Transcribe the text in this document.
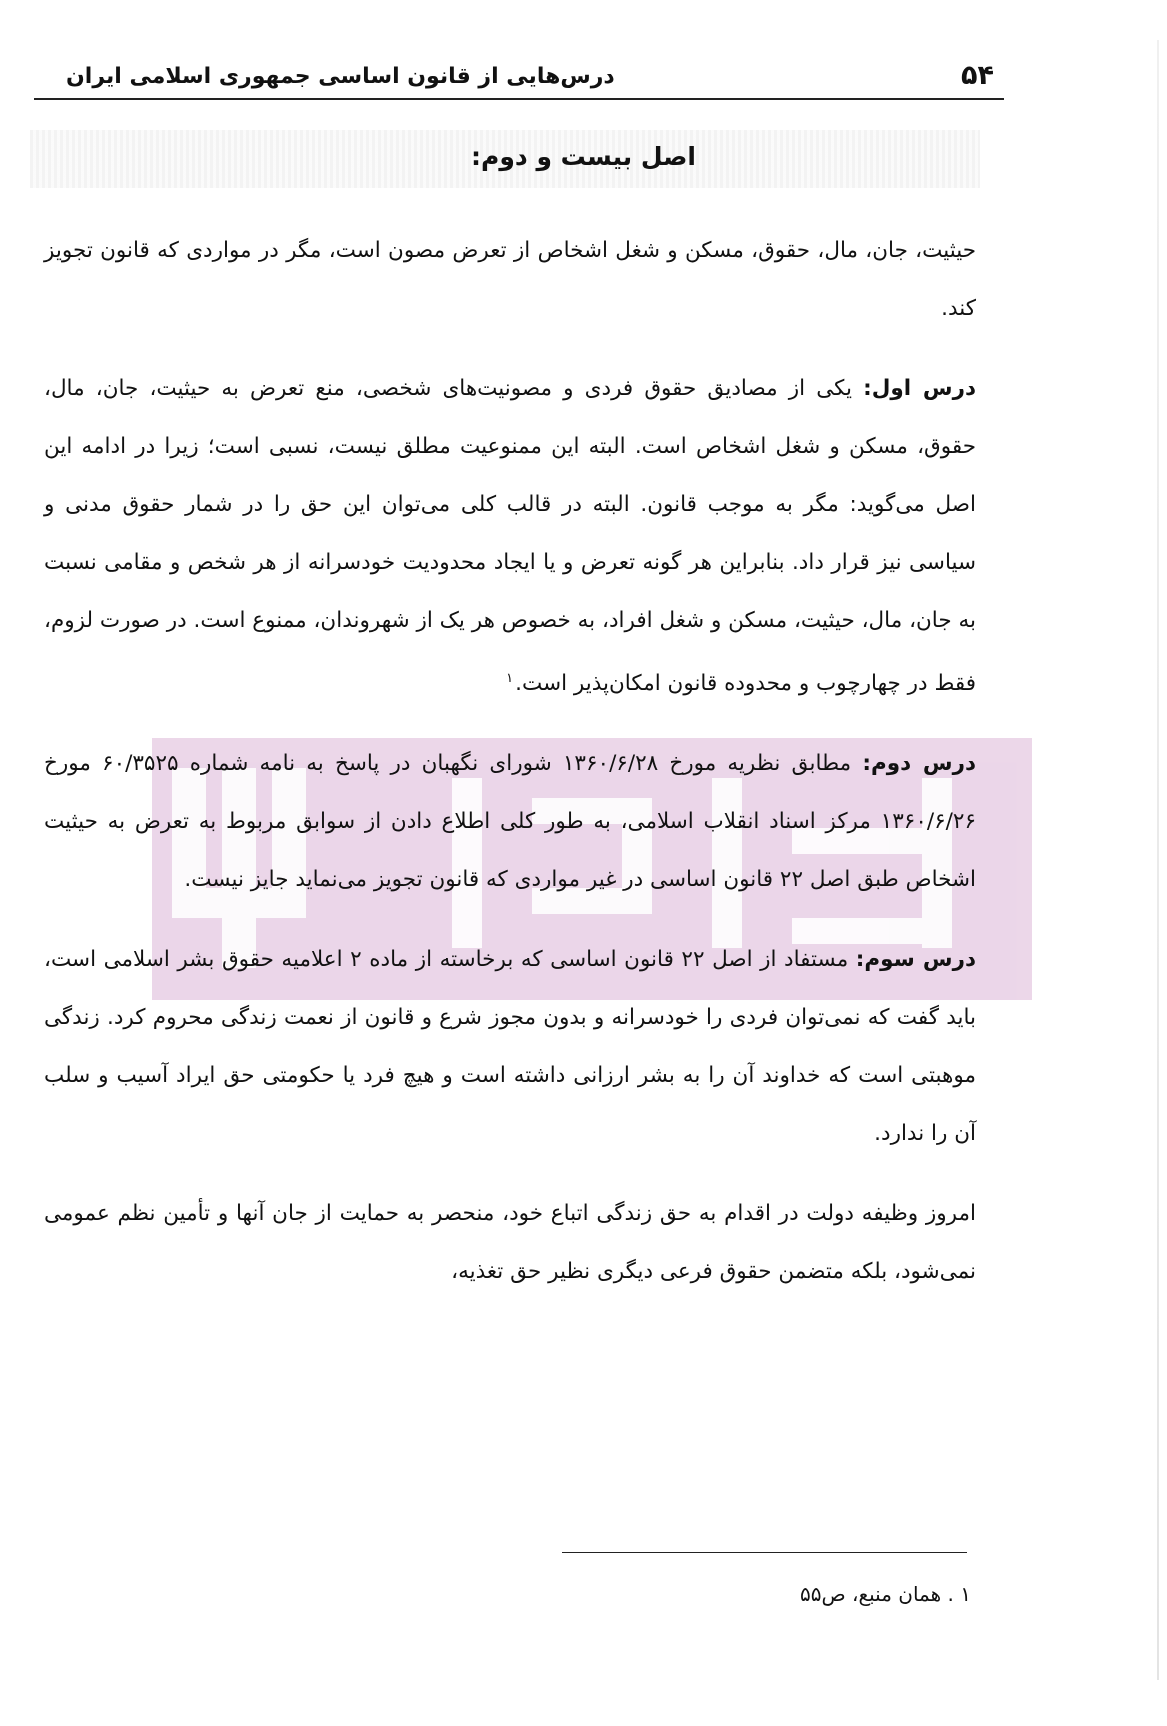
۵۴
درس‌هایی از قانون اساسی جمهوری اسلامی ایران
اصل بیست و دوم:

حیثیت، جان، مال، حقوق، مسکن و شغل اشخاص از تعرض مصون است، مگر در مواردی که قانون تجویز کند.

درس اول: یکی از مصادیق حقوق فردی و مصونیت‌های شخصی، منع تعرض به حیثیت، جان، مال، حقوق، مسکن و شغل اشخاص است. البته این ممنوعیت مطلق نیست، نسبی است؛ زیرا در ادامه این اصل می‌گوید: مگر به موجب قانون. البته در قالب کلی می‌توان این حق را در شمار حقوق مدنی و سیاسی نیز قرار داد. بنابراین هر گونه تعرض و یا ایجاد محدودیت خودسرانه از هر شخص و مقامی نسبت به جان، مال، حیثیت، مسکن و شغل افراد، به خصوص هر یک از شهروندان، ممنوع است. در صورت لزوم، فقط در چهارچوب و محدوده قانون امکان‌پذیر است.$^۱$

درس دوم: مطابق نظریه مورخ ۱۳۶۰/۶/۲۸ شورای نگهبان در پاسخ به نامه شماره ۶۰/۳۵۲۵ مورخ ۱۳۶۰/۶/۲۶ مرکز اسناد انقلاب اسلامی، به طور کلی اطلاع دادن از سوابق مربوط به تعرض به حیثیت اشخاص طبق اصل ۲۲ قانون اساسی در غیر مواردی که قانون تجویز می‌نماید جایز نیست.

درس سوم: مستفاد از اصل ۲۲ قانون اساسی که برخاسته از ماده ۲ اعلامیه حقوق بشر اسلامی است، باید گفت که نمی‌توان فردی را خودسرانه و بدون مجوز شرع و قانون از نعمت زندگی محروم کرد. زندگی موهبتی است که خداوند آن را به بشر ارزانی داشته است و هیچ فرد یا حکومتی حق ایراد آسیب و سلب آن را ندارد.

امروز وظیفه دولت در اقدام به حق زندگی اتباع خود، منحصر به حمایت از جان آنها و تأمین نظم عمومی نمی‌شود، بلکه متضمن حقوق فرعی دیگری نظیر حق تغذیه،

۱ . همان منبع، ص۵۵
